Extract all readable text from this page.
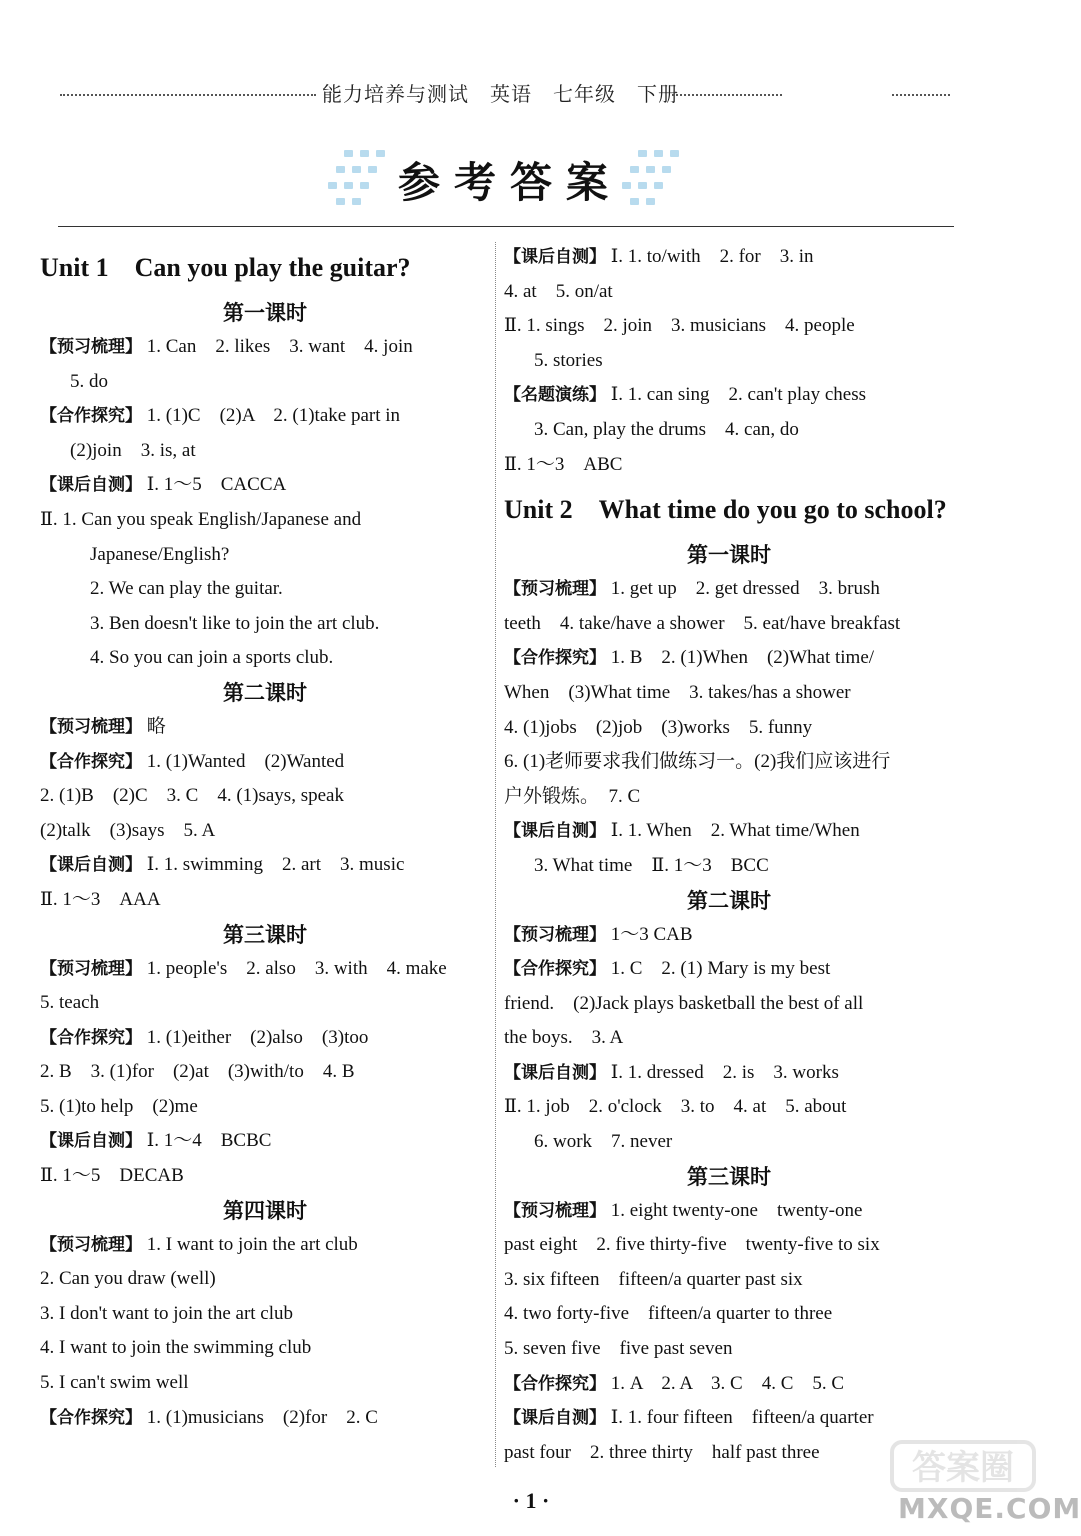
能力培养与测试　英语　七年级　下册
参考答案
Unit 1　Can you play the guitar?
第一课时
【预习梳理】 1. Can　2. likes　3. want　4. join
5. do
【合作探究】 1. (1)C　(2)A　2. (1)take part in
(2)join　3. is, at
【课后自测】 Ⅰ. 1～5　CACCA
Ⅱ. 1. Can you speak English/Japanese and
Japanese/English?
2. We can play the guitar.
3. Ben doesn't like to join the art club.
4. So you can join a sports club.
第二课时
【预习梳理】 略
【合作探究】 1. (1)Wanted　(2)Wanted
2. (1)B　(2)C　3. C　4. (1)says, speak
(2)talk　(3)says　5. A
【课后自测】 Ⅰ. 1. swimming　2. art　3. music
Ⅱ. 1～3　AAA
第三课时
【预习梳理】 1. people's　2. also　3. with　4. make
5. teach
【合作探究】 1. (1)either　(2)also　(3)too
2. B　3. (1)for　(2)at　(3)with/to　4. B
5. (1)to help　(2)me
【课后自测】 Ⅰ. 1～4　BCBC
Ⅱ. 1～5　DECAB
第四课时
【预习梳理】 1. I want to join the art club
2. Can you draw (well)
3. I don't want to join the art club
4. I want to join the swimming club
5. I can't swim well
【合作探究】 1. (1)musicians　(2)for　2. C
【课后自测】 Ⅰ. 1. to/with　2. for　3. in
4. at　5. on/at
Ⅱ. 1. sings　2. join　3. musicians　4. people
5. stories
【名题演练】 Ⅰ. 1. can sing　2. can't play chess
3. Can, play the drums　4. can, do
Ⅱ. 1～3　ABC
Unit 2　What time do you go to school?
第一课时
【预习梳理】 1. get up　2. get dressed　3. brush
teeth　4. take/have a shower　5. eat/have breakfast
【合作探究】 1. B　2. (1)When　(2)What time/
When　(3)What time　3. takes/has a shower
4. (1)jobs　(2)job　(3)works　5. funny
6. (1)老师要求我们做练习一。(2)我们应该进行
户外锻炼。　7. C
【课后自测】 Ⅰ. 1. When　2. What time/When
3. What time　Ⅱ. 1～3　BCC
第二课时
【预习梳理】 1～3 CAB
【合作探究】 1. C　2. (1) Mary is my best
friend.　(2)Jack plays basketball the best of all
the boys.　3. A
【课后自测】 Ⅰ. 1. dressed　2. is　3. works
Ⅱ. 1. job　2. o'clock　3. to　4. at　5. about
6. work　7. never
第三课时
【预习梳理】 1. eight twenty-one　twenty-one
past eight　2. five thirty-five　twenty-five to six
3. six fifteen　fifteen/a quarter past six
4. two forty-five　fifteen/a quarter to three
5. seven five　five past seven
【合作探究】 1. A　2. A　3. C　4. C　5. C
【课后自测】 Ⅰ. 1. four fifteen　fifteen/a quarter
past four　2. three thirty　half past three
· 1 ·
答案圈
MXQE.COM
